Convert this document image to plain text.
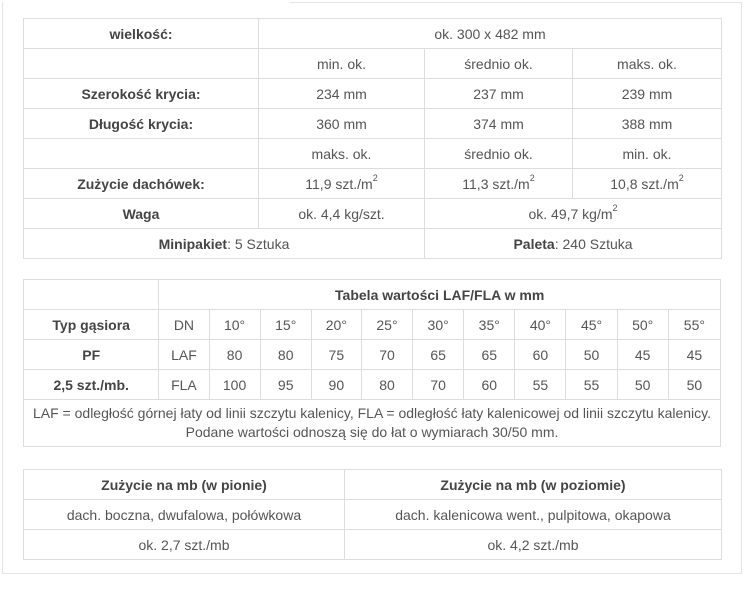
wielkość:	ok. 300 x 482 mm		
	min. ok.	średnio ok.	maks. ok.
Szerokość krycia:	234 mm	237 mm	239 mm
Długość krycia:	360 mm	374 mm	388 mm
	maks. ok.	średnio ok.	min. ok.
Zużycie dachówek:	11,9 $szt./m^2$	11,3 $szt./m^2$	10,8 $szt./m^2$
Waga	ok. 4,4 kg/szt.	ok. 49,7 $kg/m^2$
Minipakiet: 5 Sztuka		Paleta: 240 Sztuka	
	Tabela wartości LAF/FLA w mm										
Typ gąsiora	DN	10°	15°	20°	25°	30°	35°	40°	45°	50°	55°
PF	LAF	80	80	75	70	65	65	60	50	45	45
2,5 szt./mb.	FLA	100	95	90	80	70	60	55	55	50	50
LAF = odległość górnej łaty od linii szczytu kalenicy, FLA = odległość łaty kalenicowej od linii szczytu kalenicy. Podane wartości odnoszą się do łat o wymiarach 30/50 mm.											
Zużycie na mb (w pionie)	Zużycie na mb (w poziomie)
dach. boczna, dwufalowa, połówkowa	dach. kalenicowa went., pulpitowa, okapowa
ok. 2,7 szt./mb	ok. 4,2 szt./mb
